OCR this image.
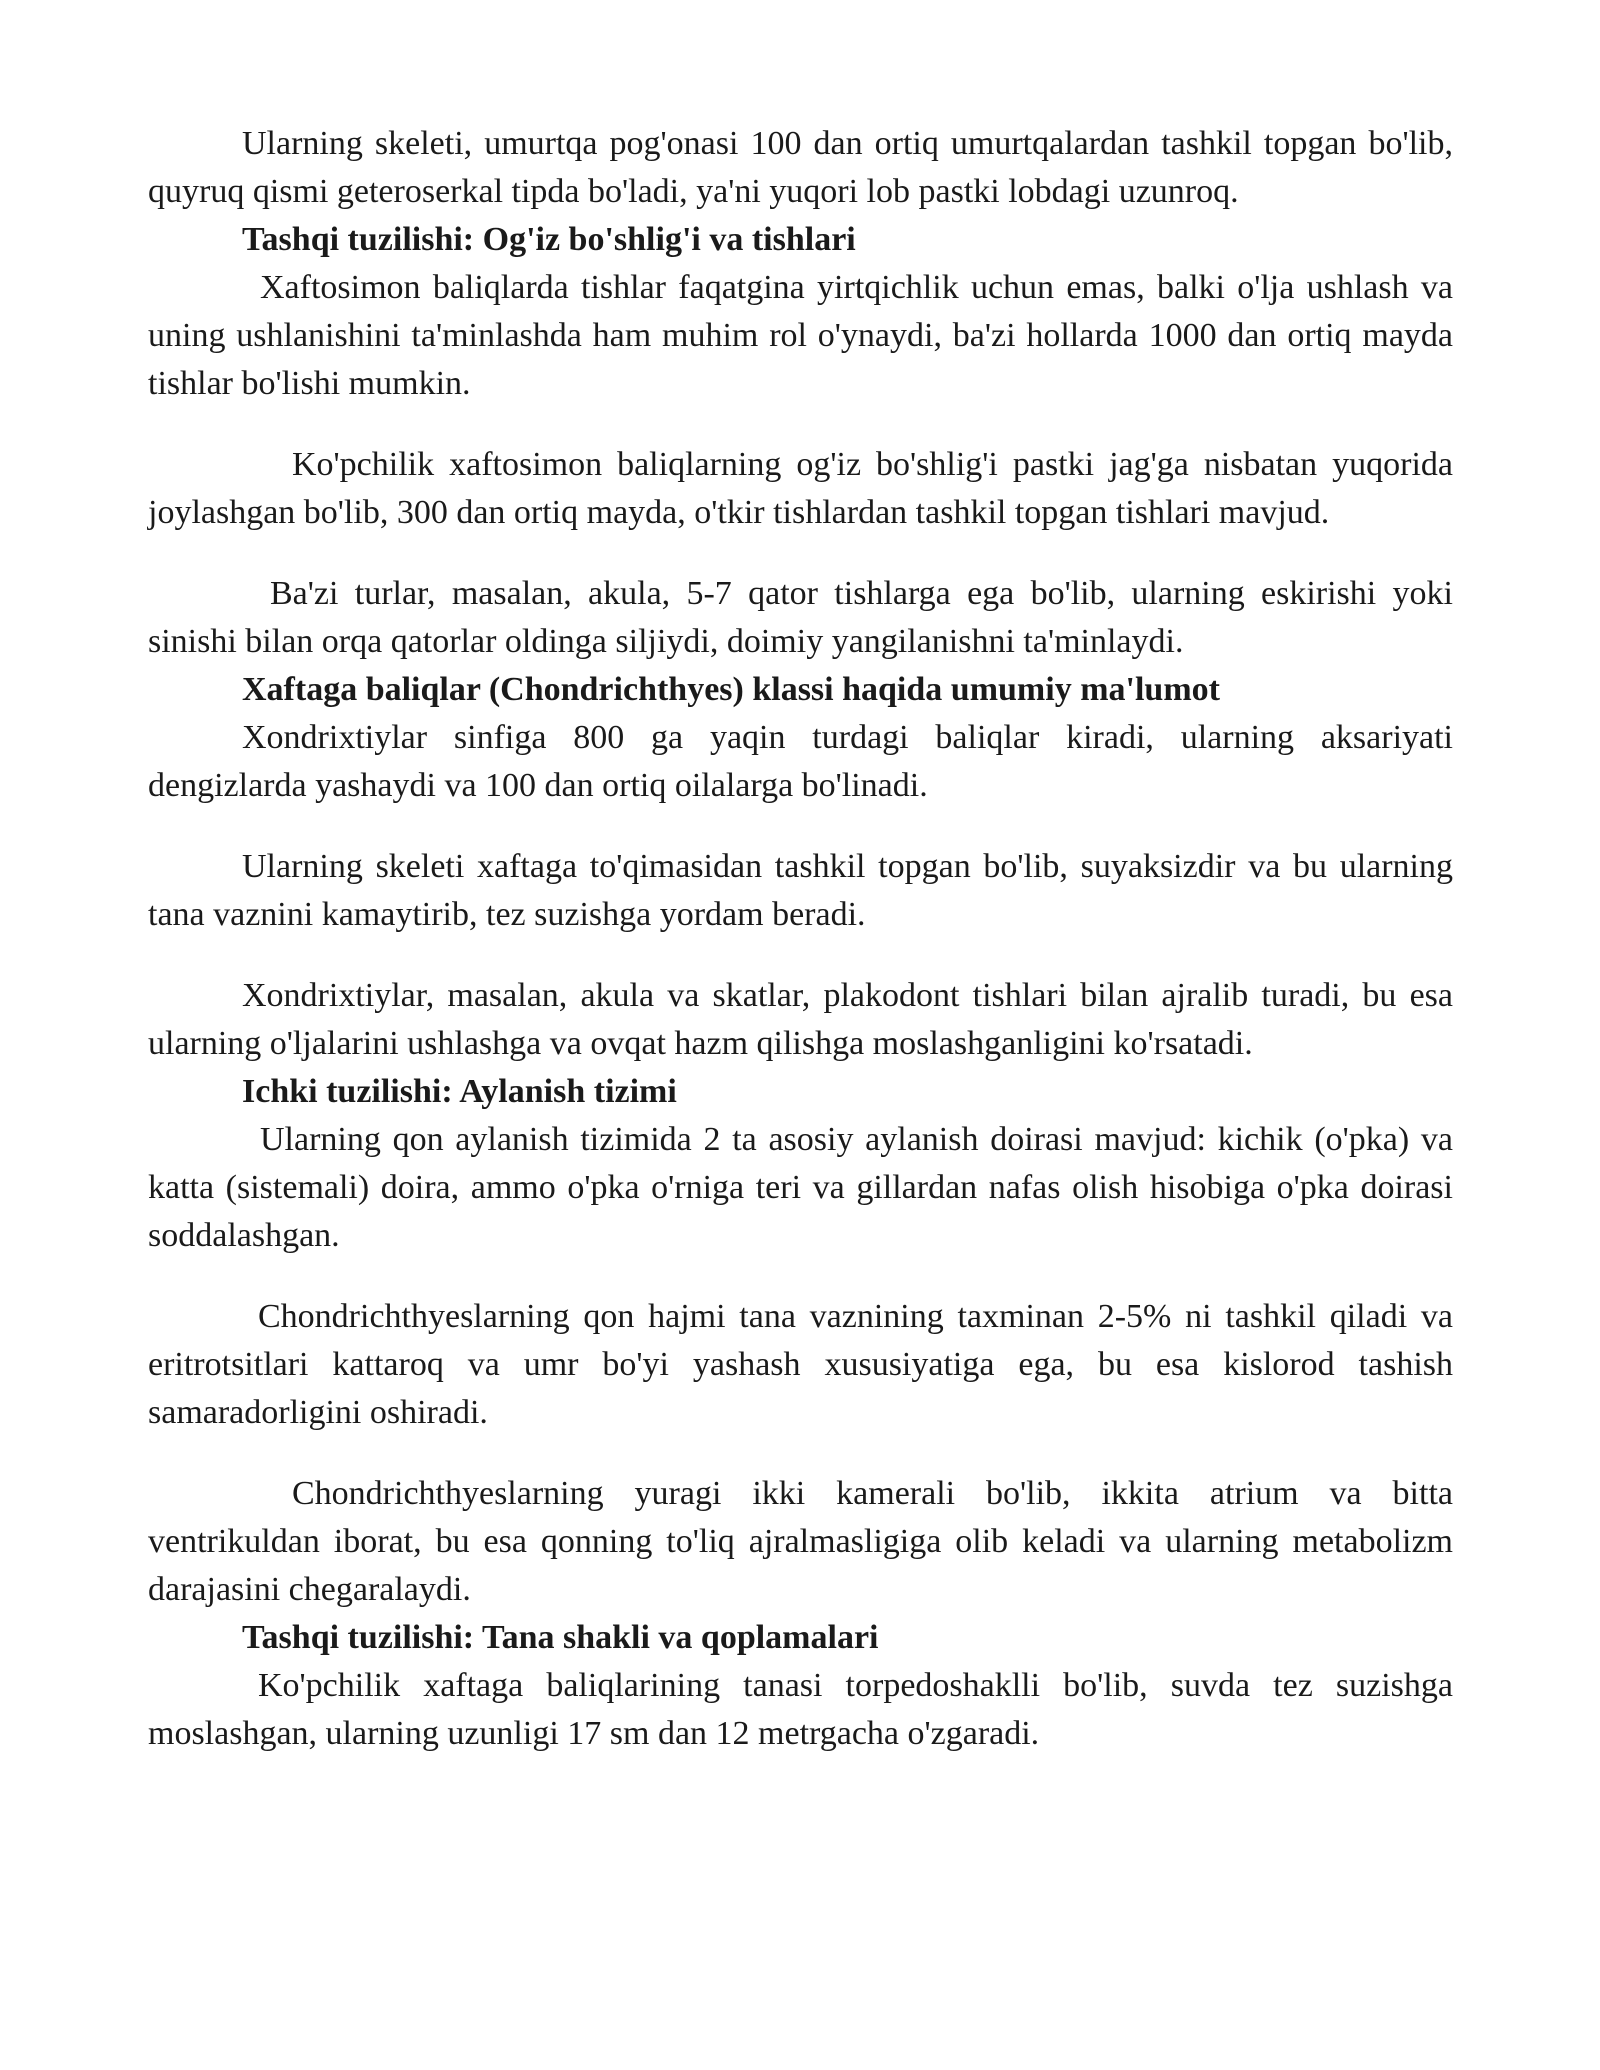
Ularning skeleti, umurtqa pog'onasi 100 dan ortiq umurtqalardan tashkil topgan bo'lib, quyruq qismi geteroserkal tipda bo'ladi, ya'ni yuqori lob pastki lobdagi uzunroq.

Tashqi tuzilishi: Og'iz bo'shlig'i va tishlari

Xaftosimon baliqlarda tishlar faqatgina yirtqichlik uchun emas, balki o'lja ushlash va uning ushlanishini ta'minlashda ham muhim rol o'ynaydi, ba'zi hollarda 1000 dan ortiq mayda tishlar bo'lishi mumkin.

Ko'pchilik xaftosimon baliqlarning og'iz bo'shlig'i pastki jag'ga nisbatan yuqorida joylashgan bo'lib, 300 dan ortiq mayda, o'tkir tishlardan tashkil topgan tishlari mavjud.

Ba'zi turlar, masalan, akula, 5-7 qator tishlarga ega bo'lib, ularning eskirishi yoki sinishi bilan orqa qatorlar oldinga siljiydi, doimiy yangilanishni ta'minlaydi.

Xaftaga baliqlar (Chondrichthyes) klassi haqida umumiy ma'lumot

Xondrixtiylar sinfiga 800 ga yaqin turdagi baliqlar kiradi, ularning aksariyati dengizlarda yashaydi va 100 dan ortiq oilalarga bo'linadi.

Ularning skeleti xaftaga to'qimasidan tashkil topgan bo'lib, suyaksizdir va bu ularning tana vaznini kamaytirib, tez suzishga yordam beradi.

Xondrixtiylar, masalan, akula va skatlar, plakodont tishlari bilan ajralib turadi, bu esa ularning o'ljalarini ushlashga va ovqat hazm qilishga moslashganligini ko'rsatadi.

Ichki tuzilishi: Aylanish tizimi

Ularning qon aylanish tizimida 2 ta asosiy aylanish doirasi mavjud: kichik (o'pka) va katta (sistemali) doira, ammo o'pka o'rniga teri va gillardan nafas olish hisobiga o'pka doirasi soddalashgan.

Chondrichthyeslarning qon hajmi tana vaznining taxminan 2-5% ni tashkil qiladi va eritrotsitlari kattaroq va umr bo'yi yashash xususiyatiga ega, bu esa kislorod tashish samaradorligini oshiradi.

Chondrichthyeslarning yuragi ikki kamerali bo'lib, ikkita atrium va bitta ventrikuldan iborat, bu esa qonning to'liq ajralmasligiga olib keladi va ularning metabolizm darajasini chegaralaydi.

Tashqi tuzilishi: Tana shakli va qoplamalari

Ko'pchilik xaftaga baliqlarining tanasi torpedoshaklli bo'lib, suvda tez suzishga moslashgan, ularning uzunligi 17 sm dan 12 metrgacha o'zgaradi.
